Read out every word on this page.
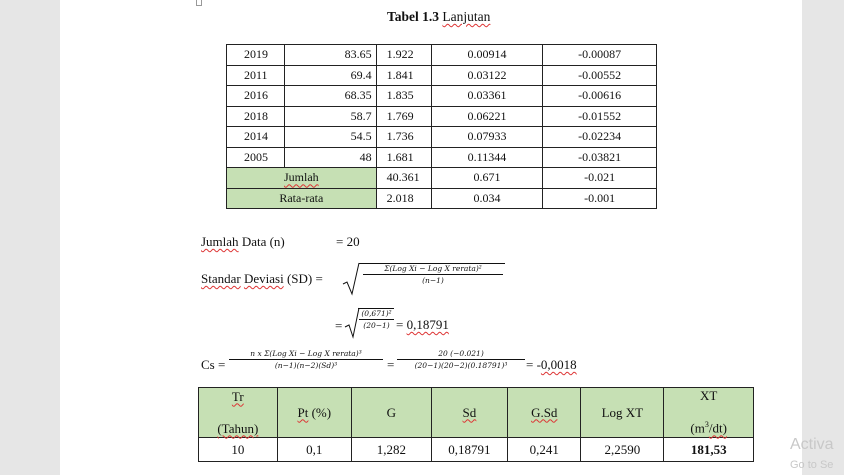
Tabel 1.3 Lanjutan
2019	83.65	1.922	0.00914	-0.00087
2011	69.4	1.841	0.03122	-0.00552
2016	68.35	1.835	0.03361	-0.00616
2018	58.7	1.769	0.06221	-0.01552
2014	54.5	1.736	0.07933	-0.02234
2005	48	1.681	0.11344	-0.03821
Jumlah		40.361	0.671	-0.021
Rata-rata		2.018	0.034	-0.001
Jumlah Data (n)	= 20
Standar Deviasi (SD) =
Σ(Log Xi − Log X rerata)²
(n−1)
=
(0,671)²
(20−1) = 0,18791
Cs =
n x Σ(Log Xi − Log X rerata)³
(n−1)(n−2)(Sd)³	=
20 (−0.021)
(20−1)(20−2)(0.18791)³ = -0,0018
Tr

(Tahun)	Pt (%)	G	Sd	G.Sd	Log XT	XT

$(m^3/dt)$
10	0,1	1,282	0,18791	0,241	2,2590	181,53	Activa
Go to Se
